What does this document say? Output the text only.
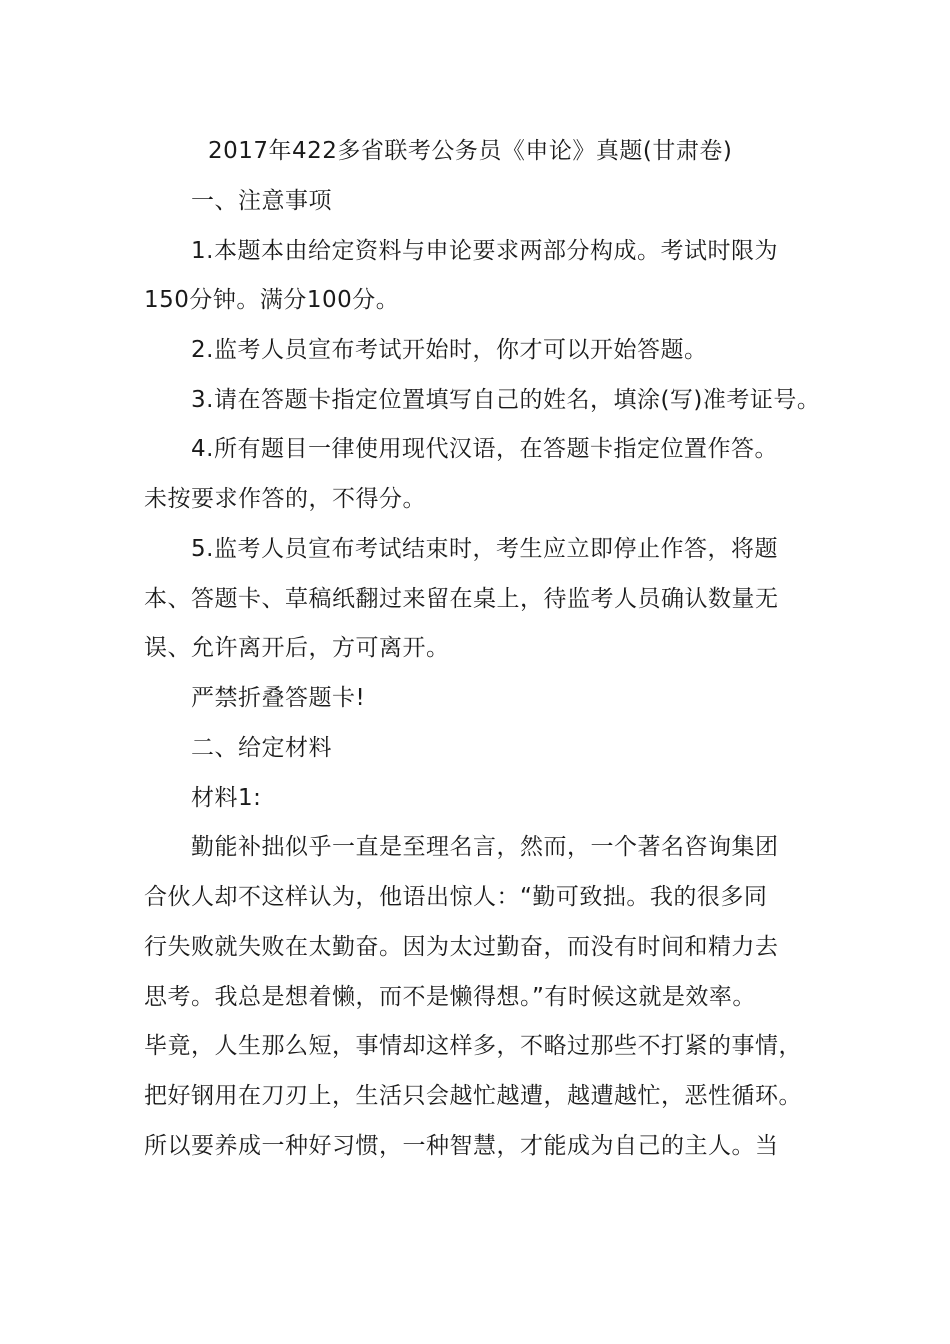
2017年422多省联考公务员《申论》真题(甘肃卷)
一、注意事项
1.本题本由给定资料与申论要求两部分构成。考试时限为
150分钟。满分100分。
2.监考人员宣布考试开始时，你才可以开始答题。
3.请在答题卡指定位置填写自己的姓名，填涂(写)准考证号。
4.所有题目一律使用现代汉语，在答题卡指定位置作答。
未按要求作答的，不得分。
5.监考人员宣布考试结束时，考生应立即停止作答，将题
本、答题卡、草稿纸翻过来留在桌上，待监考人员确认数量无
误、允许离开后，方可离开。
严禁折叠答题卡!
二、给定材料
材料1:
勤能补拙似乎一直是至理名言，然而，一个著名咨询集团
合伙人却不这样认为，他语出惊人：“勤可致拙。我的很多同
行失败就失败在太勤奋。因为太过勤奋，而没有时间和精力去
思考。我总是想着懒，而不是懒得想。”有时候这就是效率。
毕竟，人生那么短，事情却这样多，不略过那些不打紧的事情，
把好钢用在刀刃上，生活只会越忙越遭，越遭越忙，恶性循环。
所以要养成一种好习惯，一种智慧，才能成为自己的主人。当
